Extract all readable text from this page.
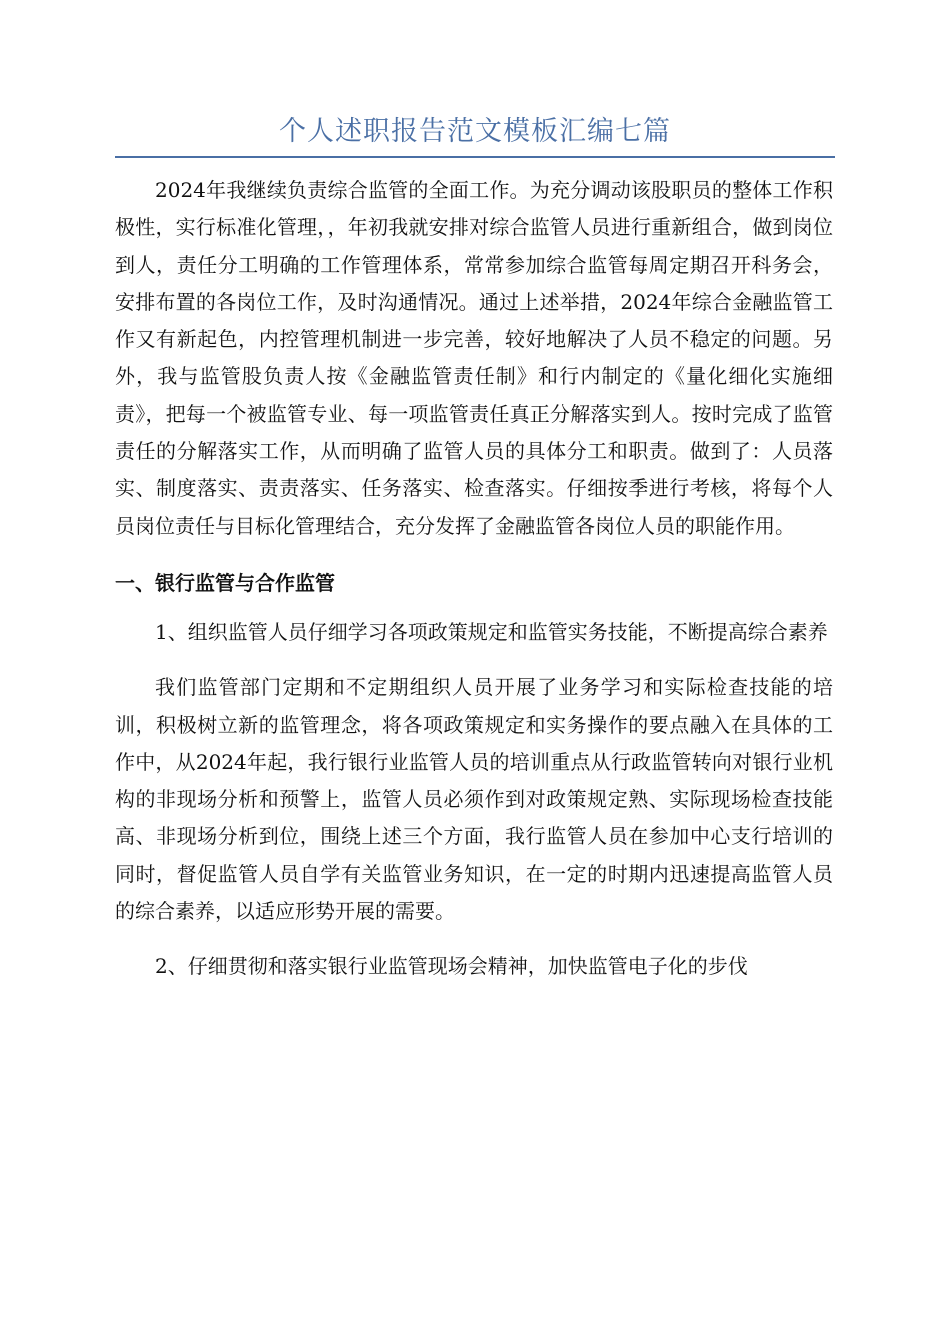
个人述职报告范文模板汇编七篇

2024年我继续负责综合监管的全面工作。为充分调动该股职员的整体工作积极性，实行标准化管理，，年初我就安排对综合监管人员进行重新组合，做到岗位到人，责任分工明确的工作管理体系，常常参加综合监管每周定期召开科务会，安排布置的各岗位工作，及时沟通情况。通过上述举措，2024年综合金融监管工作又有新起色，内控管理机制进一步完善，较好地解决了人员不稳定的问题。另外，我与监管股负责人按《金融监管责任制》和行内制定的《量化细化实施细责》，把每一个被监管专业、每一项监管责任真正分解落实到人。按时完成了监管责任的分解落实工作，从而明确了监管人员的具体分工和职责。做到了：人员落实、制度落实、责责落实、任务落实、检查落实。仔细按季进行考核，将每个人员岗位责任与目标化管理结合，充分发挥了金融监管各岗位人员的职能作用。

一、银行监管与合作监管

1、组织监管人员仔细学习各项政策规定和监管实务技能，不断提高综合素养

我们监管部门定期和不定期组织人员开展了业务学习和实际检查技能的培训，积极树立新的监管理念，将各项政策规定和实务操作的要点融入在具体的工作中，从2024年起，我行银行业监管人员的培训重点从行政监管转向对银行业机构的非现场分析和预警上，监管人员必须作到对政策规定熟、实际现场检查技能高、非现场分析到位，围绕上述三个方面，我行监管人员在参加中心支行培训的同时，督促监管人员自学有关监管业务知识，在一定的时期内迅速提高监管人员的综合素养，以适应形势开展的需要。

2、仔细贯彻和落实银行业监管现场会精神，加快监管电子化的步伐
